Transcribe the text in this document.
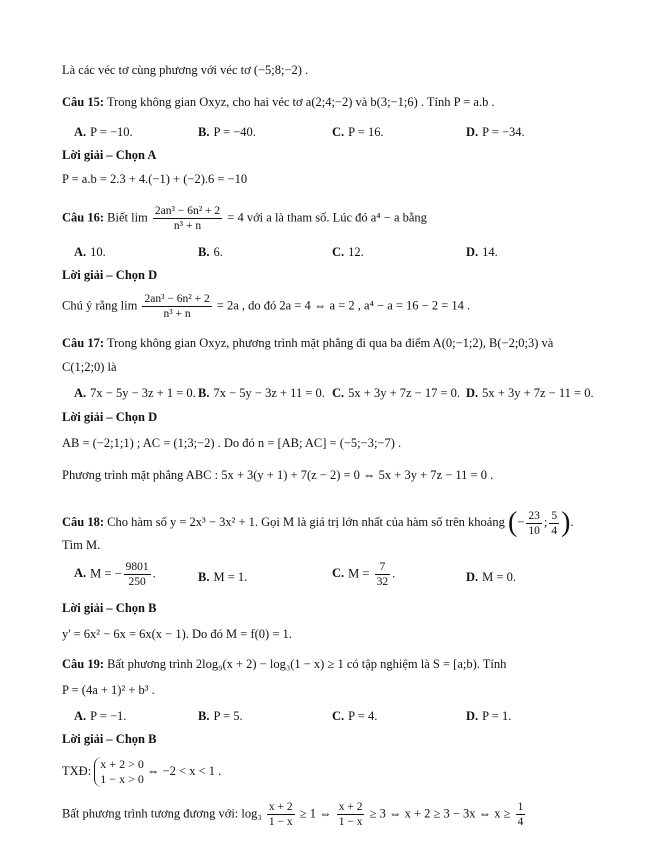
Là các véc tơ cùng phương với véc tơ (−5;8;−2) .
Câu 15: Trong không gian Oxyz, cho hai véc tơ a(2;4;−2) và b(3;−1;6) . Tính P = a.b .
A. P = −10.	B. P = −40.	C. P = 16.	D. P = −34.
Lời giải – Chọn A
P = a.b = 2.3 + 4.(−1) + (−2).6 = −10
Câu 16: Biết $\lim \frac{\text{2an³ − 6n² + 2}}{\text{n³ + n}} = 4$ với a là tham số. Lúc đó a⁴ − a bằng
A. 10.	B. 6.	C. 12.	D. 14.
Lời giải – Chọn D
Chú ý rằng $\lim \frac{\text{2an³ − 6n² + 2}}{\text{n³ + n}} = 2a$ , do đó 2a = 4 ⇔ a = 2 , a⁴ − a = 16 − 2 = 14 .
Câu 17: Trong không gian Oxyz, phương trình mặt phẳng đi qua ba điểm A(0;−1;2), B(−2;0;3) và
C(1;2;0) là
A. 7x − 5y − 3z + 1 = 0. B. 7x − 5y − 3z + 11 = 0. C. 5x + 3y + 7z − 17 = 0. D. 5x + 3y + 7z − 11 = 0.
Lời giải – Chọn D
AB = (−2;1;1) ; AC = (1;3;−2) . Do đó n = [AB; AC] = (−5;−3;−7) .
Phương trình mặt phẳng ABC : 5x + 3(y + 1) + 7(z − 2) = 0 ⇔ 5x + 3y + 7z − 11 = 0 .
Câu 18: Cho hàm số y = 2x³ − 3x² + 1. Gọi M là giá trị lớn nhất của hàm số trên khoảng (− $\frac{23}{10}$ ; $\frac{5}{4}$ ).
Tìm M.
A. M = − $\frac{9801}{250}$ .	B. M = 1.	C. $M = \frac{7}{32}$ .	D. M = 0.
Lời giải – Chọn B
y' = 6x² − 6x = 6x(x − 1). Do đó M = f(0) = 1.
Câu 19: Bất phương trình 2log₉(x + 2) − log₃(1 − x) ≥ 1 có tập nghiệm là S = [a;b). Tính
P = (4a + 1)² + b³ .
A. P = −1.	B. P = 5.	C. P = 4.	D. P = 1.
Lời giải – Chọn B
TXĐ: x + 2 > 0
1 − x > 0
⇔ −2 < x < 1 .
Bất phương trình tương đương với: $\log_3 \frac{x + 2}{1 - x} \ge 1$ ⇔ $\frac{x + 2}{1 - x} \ge 3$ ⇔ x + 2 ≥ 3 − 3x ⇔ $x \ge \frac{1}{4}$
